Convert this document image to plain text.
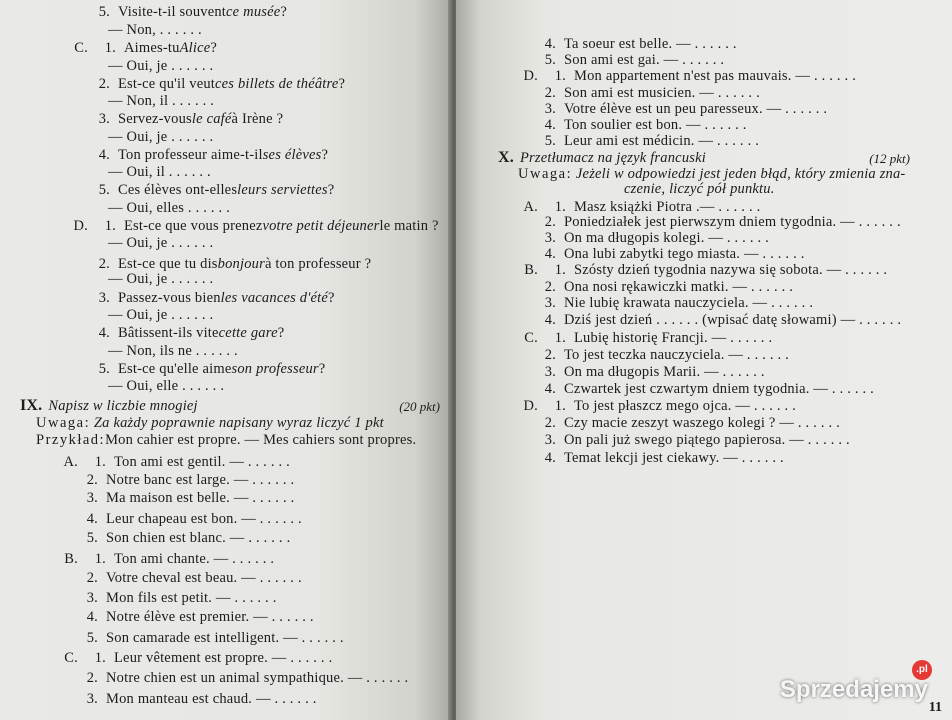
5. Visite-t-il souventce musée?
— Non, . . . . . .
C. 1. Aimes-tuAlice?
— Oui, je . . . . . .
2. Est-ce qu'il veutces billets de théâtre?
— Non, il . . . . . .
3. Servez-vousle caféà Irène ?
— Oui, je . . . . . .
4. Ton professeur aime-t-ilses élèves?
— Oui, il . . . . . .
5. Ces élèves ont-ellesleurs serviettes?
— Oui, elles . . . . . .
D. 1. Est-ce que vous prenezvotre petit déjeunerle matin ?
— Oui, je . . . . . .
2. Est-ce que tu disbonjourà ton professeur ?
— Oui, je . . . . . .
3. Passez-vous bienles vacances d'été?
— Oui, je . . . . . .
4. Bâtissent-ils vitecette gare?
— Non, ils ne . . . . . .
5. Est-ce qu'elle aimeson professeur?
— Oui, elle . . . . . .
IX. Napisz w liczbie mnogiej	(20 pkt)
Uwaga: Za każdy poprawnie napisany wyraz liczyć 1 pkt
Przykład:Mon cahier est propre. — Mes cahiers sont propres.
A. 1. Ton ami est gentil. — . . . . . .
2. Notre banc est large. — . . . . . .
3. Ma maison est belle. — . . . . . .
4. Leur chapeau est bon. — . . . . . .
5. Son chien est blanc. — . . . . . .
B. 1. Ton ami chante. — . . . . . .
2. Votre cheval est beau. — . . . . . .
3. Mon fils est petit. — . . . . . .
4. Notre élève est premier. — . . . . . .
5. Son camarade est intelligent. — . . . . . .
C. 1. Leur vêtement est propre. — . . . . . .
2. Notre chien est un animal sympathique. — . . . . . .
3. Mon manteau est chaud. — . . . . . .
11
4. Ta soeur est belle. — . . . . . .
5. Son ami est gai. — . . . . . .
D. 1. Mon appartement n'est pas mauvais. — . . . . . .
2. Son ami est musicien. — . . . . . .
3. Votre élève est un peu paresseux. — . . . . . .
4. Ton soulier est bon. — . . . . . .
5. Leur ami est médicin. — . . . . . .
X. Przetłumacz na język francuski	(12 pkt)
Uwaga: Jeżeli w odpowiedzi jest jeden błąd, który zmienia zna-
czenie, liczyć pół punktu.
A. 1. Masz książki Piotra .— . . . . . .
2. Poniedziałek jest pierwszym dniem tygodnia. — . . . . . .
3. On ma długopis kolegi. — . . . . . .
4. Ona lubi zabytki tego miasta. — . . . . . .
B. 1. Szósty dzień tygodnia nazywa się sobota. — . . . . . .
2. Ona nosi rękawiczki matki. — . . . . . .
3. Nie lubię krawata nauczyciela. — . . . . . .
4. Dziś jest dzień . . . . . . (wpisać datę słowami) — . . . . . .
C. 1. Lubię historię Francji. — . . . . . .
2. To jest teczka nauczyciela. — . . . . . .
3. On ma długopis Marii. — . . . . . .
4. Czwartek jest czwartym dniem tygodnia. — . . . . . .
D. 1. To jest płaszcz mego ojca. — . . . . . .
2. Czy macie zeszyt waszego kolegi ? — . . . . . .
3. On pali już swego piątego papierosa. — . . . . . .
4. Temat lekcji jest ciekawy. — . . . . . .
.pl
Sprzedajemy
